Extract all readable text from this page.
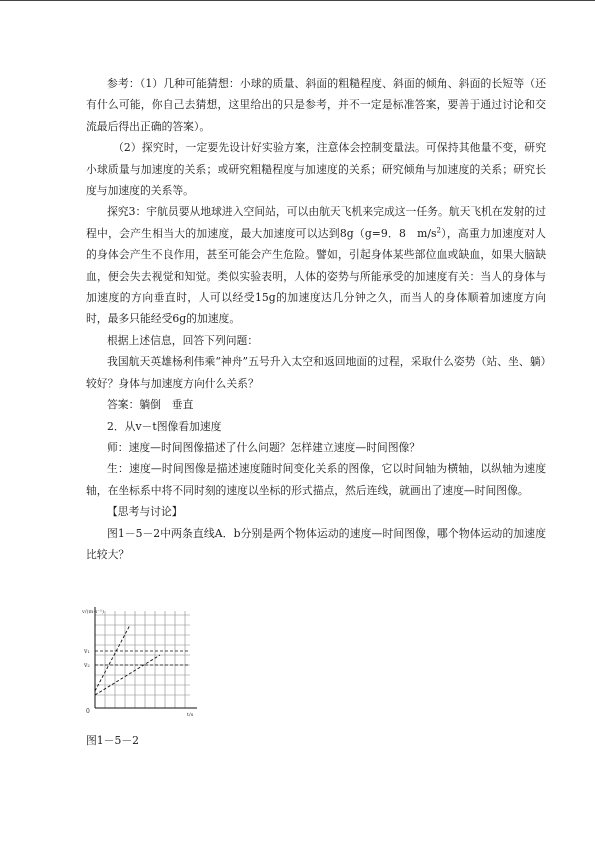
参考：（1）几种可能猜想：小球的质量、斜面的粗糙程度、斜面的倾角、斜面的长短等（还有什么可能，你自己去猜想，这里给出的只是参考，并不一定是标准答案，要善于通过讨论和交流最后得出正确的答案）。

（2）探究时，一定要先设计好实验方案，注意体会控制变量法。可保持其他量不变，研究小球质量与加速度的关系；或研究粗糙程度与加速度的关系；研究倾角与加速度的关系；研究长度与加速度的关系等。

探究3：宇航员要从地球进入空间站，可以由航天飞机来完成这一任务。航天飞机在发射的过程中，会产生相当大的加速度，最大加速度可以达到8g（g=9．8　$m/s^2$），高重力加速度对人的身体会产生不良作用，甚至可能会产生危险。譬如，引起身体某些部位血或缺血，如果大脑缺血，便会失去视觉和知觉。类似实验表明，人体的姿势与所能承受的加速度有关：当人的身体与加速度的方向垂直时，人可以经受15g的加速度达几分钟之久，而当人的身体顺着加速度方向时，最多只能经受6g的加速度。

根据上述信息，回答下列问题：

我国航天英雄杨利伟乘“神舟”五号升入太空和返回地面的过程，采取什么姿势（站、坐、躺）较好？身体与加速度方向什么关系？

答案：躺倒　垂直

2．从v－t图像看加速度

师：速度—时间图像描述了什么问题？怎样建立速度—时间图像？

生：速度—时间图像是描述速度随时间变化关系的图像，它以时间轴为横轴，以纵轴为速度轴，在坐标系中将不同时刻的速度以坐标的形式描点，然后连线，就画出了速度—时间图像。

【思考与讨论】

图1－5－2中两条直线A．b分别是两个物体运动的速度—时间图像，哪个物体运动的加速度比较大？

v/(m·s⁻¹)
v₁
v₂
0	t/s
图1－5－2
